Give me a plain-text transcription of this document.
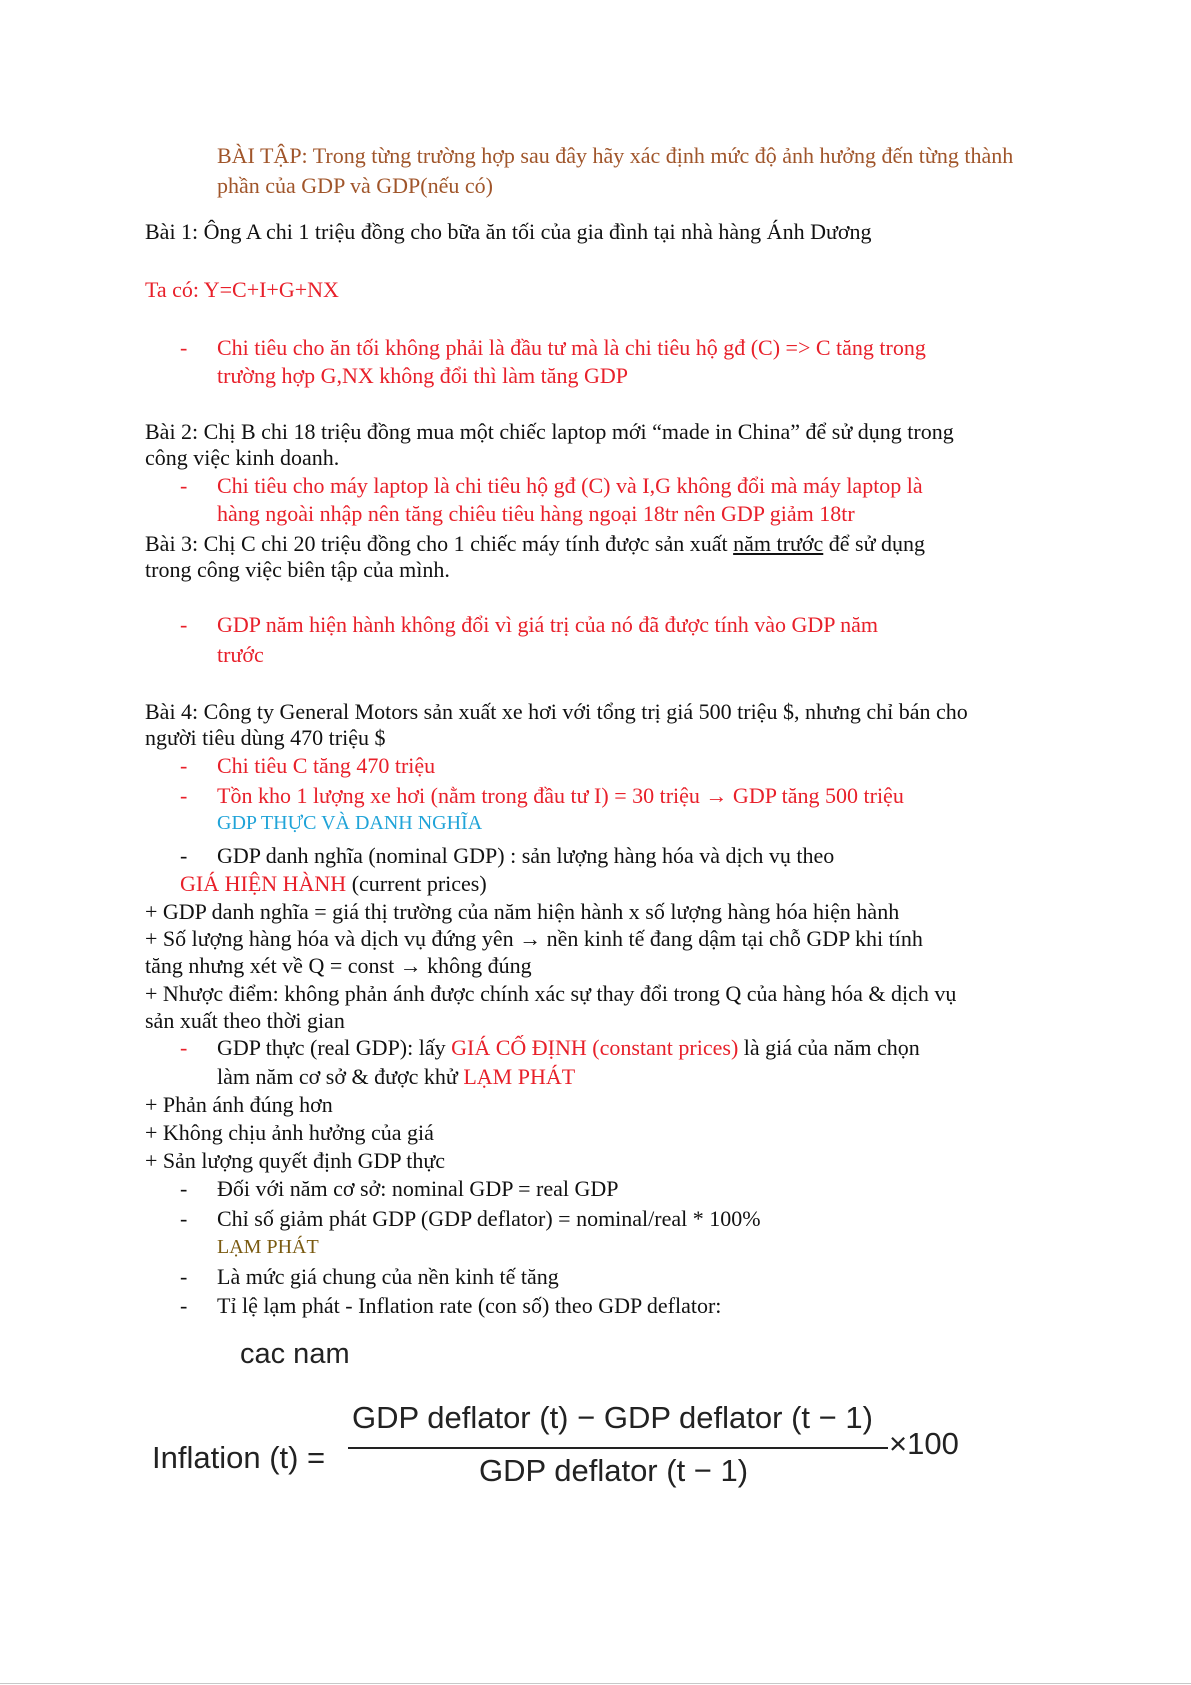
BÀI TẬP: Trong từng trường hợp sau đây hãy xác định mức độ ảnh hưởng đến từng thành
phần của GDP và GDP(nếu có)
Bài 1: Ông A chi 1 triệu đồng cho bữa ăn tối của gia đình tại nhà hàng Ánh Dương
Ta có: Y=C+I+G+NX
- Chi tiêu cho ăn tối không phải là đầu tư mà là chi tiêu hộ gđ (C) => C tăng trong
trường hợp G,NX không đổi thì làm tăng GDP
Bài 2: Chị B chi 18 triệu đồng mua một chiếc laptop mới “made in China” để sử dụng trong
công việc kinh doanh.
- Chi tiêu cho máy laptop là chi tiêu hộ gđ (C) và I,G không đổi mà máy laptop là
hàng ngoài nhập nên tăng chiêu tiêu hàng ngoại 18tr nên GDP giảm 18tr
Bài 3: Chị C chi 20 triệu đồng cho 1 chiếc máy tính được sản xuất năm trước để sử dụng
trong công việc biên tập của mình.
- GDP năm hiện hành không đổi vì giá trị của nó đã được tính vào GDP năm
trước
Bài 4: Công ty General Motors sản xuất xe hơi với tổng trị giá 500 triệu $, nhưng chỉ bán cho
người tiêu dùng 470 triệu $
- Chi tiêu C tăng 470 triệu
- Tồn kho 1 lượng xe hơi (nằm trong đầu tư I) = 30 triệu → GDP tăng 500 triệu
GDP THỰC VÀ DANH NGHĨA
- GDP danh nghĩa (nominal GDP) : sản lượng hàng hóa và dịch vụ theo
GIÁ HIỆN HÀNH (current prices)
+ GDP danh nghĩa = giá thị trường của năm hiện hành x số lượng hàng hóa hiện hành
+ Số lượng hàng hóa và dịch vụ đứng yên → nền kinh tế đang dậm tại chỗ GDP khi tính
tăng nhưng xét về Q = const → không đúng
+ Nhược điểm: không phản ánh được chính xác sự thay đổi trong Q của hàng hóa & dịch vụ
sản xuất theo thời gian
- GDP thực (real GDP): lấy GIÁ CỐ ĐỊNH (constant prices) là giá của năm chọn
làm năm cơ sở & được khử LẠM PHÁT
+ Phản ánh đúng hơn
+ Không chịu ảnh hưởng của giá
+ Sản lượng quyết định GDP thực
- Đối với năm cơ sở: nominal GDP = real GDP
- Chỉ số giảm phát GDP (GDP deflator) = nominal/real * 100%
LẠM PHÁT
- Là mức giá chung của nền kinh tế tăng
- Tỉ lệ lạm phát - Inflation rate (con số) theo GDP deflator:
cac nam
Inflation (t) =
GDP deflator (t) − GDP deflator (t − 1)
GDP deflator (t − 1)
×100
